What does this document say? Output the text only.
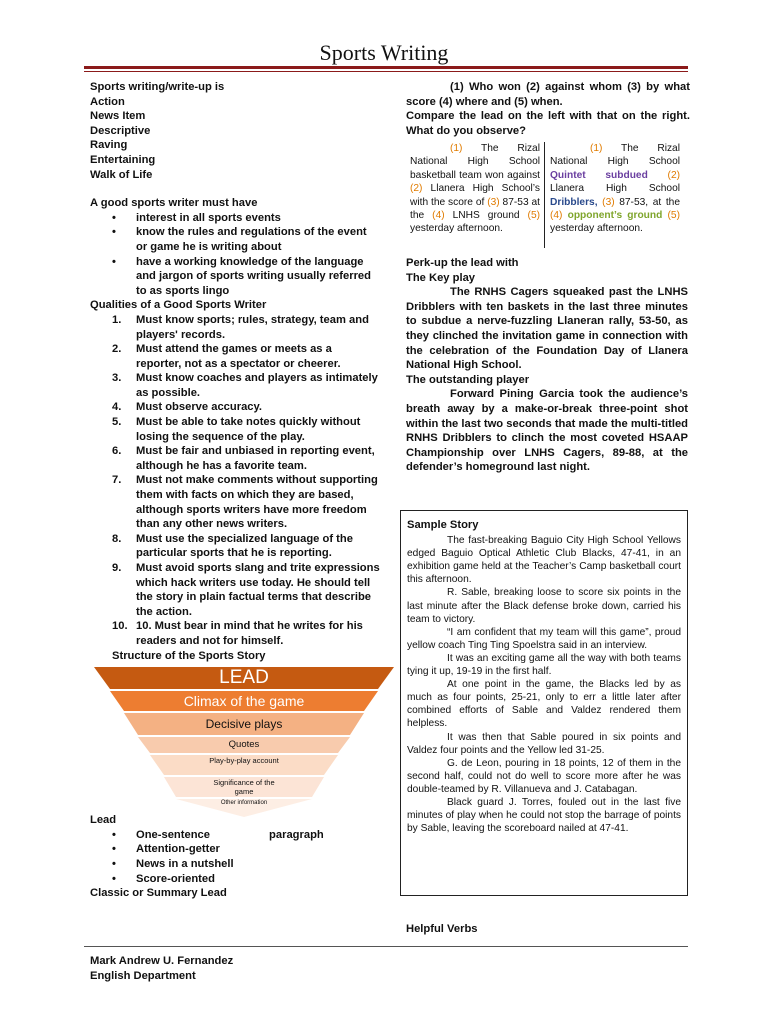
Sports Writing
Sports writing/write-up is
Action
News Item
Descriptive
Raving
Entertaining
Walk of Life
A good sports writer must have
• interest in all sports events
• know the rules and regulations of the event or game he is writing about
• have a working knowledge of the language and jargon of sports writing usually referred to as sports lingo
Qualities of a Good Sports Writer
1. Must know sports; rules, strategy, team and players' records.
2. Must attend the games or meets as a reporter, not as a spectator or cheerer.
3. Must know coaches and players as intimately as possible.
4. Must observe accuracy.
5. Must be able to take notes quickly without losing the sequence of the play.
6. Must be fair and unbiased in reporting event, although he has a favorite team.
7. Must not make comments without supporting them with facts on which they are based, although sports writers have more freedom than any other news writers.
8. Must use the specialized language of the particular sports that he is reporting.
9. Must avoid sports slang and trite expressions which hack writers use today. He should tell the story in plain factual terms that describe the action.
10. 10. Must bear in mind that he writes for his readers and not for himself.
Structure of the Sports Story
LEAD
Climax of the game
Decisive plays
Quotes
Play-by-play account
Significance of the game
Other information
Lead
• One-sentence                   paragraph
• Attention-getter
• News in a nutshell
• Score-oriented
Classic or Summary Lead
(1) Who won (2) against whom (3) by what score (4) where and (5) when.
Compare the lead on the left with that on the right. What do you observe?
(1) The Rizal National High School basketball team won against (2) Llanera High School’s with the score of (3) 87-53 at the (4) LNHS ground (5) yesterday afternoon.
(1) The Rizal National High School Quintet subdued (2) Llanera High School Dribblers, (3) 87-53, at the (4) opponent’s ground (5) yesterday afternoon.
Perk-up the lead with
The Key play
The RNHS Cagers squeaked past the LNHS Dribblers with ten baskets in the last three minutes to subdue a nerve-fuzzling Llaneran rally, 53-50, as they clinched the invitation game in connection with the celebration of the Foundation Day of Llanera National High School.
The outstanding player
Forward Pining Garcia took the audience’s breath away by a make-or-break three-point shot within the last two seconds that made the multi-titled RNHS Dribblers to clinch the most coveted HSAAP Championship over LNHS Cagers, 89-88, at the defender’s homeground last night.

Sample Story

The fast-breaking Baguio City High School Yellows edged Baguio Optical Athletic Club Blacks, 47-41, in an exhibition game held at the Teacher’s Camp basketball court this afternoon.

R. Sable, breaking loose to score six points in the last minute after the Black defense broke down, carried his team to victory.

“I am confident that my team will this game”, proud yellow coach Ting Ting Spoelstra said in an interview.

It was an exciting game all the way with both teams tying it up, 19-19 in the first half.

At one point in the game, the Blacks led by as much as four points, 25-21, only to err a little later after combined efforts of Sable and Valdez rendered them helpless.

It was then that Sable poured in six points and Valdez four points and the Yellow led 31-25.

G. de Leon, pouring in 18 points, 12 of them in the second half, could not do well to score more after he was double-teamed by R. Villanueva and J. Catabagan.

Black guard J. Torres, fouled out in the last five minutes of play when he could not stop the barrage of points by Sable, leaving the scoreboard nailed at 47-41.

Helpful Verbs
Mark Andrew U. Fernandez
English Department
